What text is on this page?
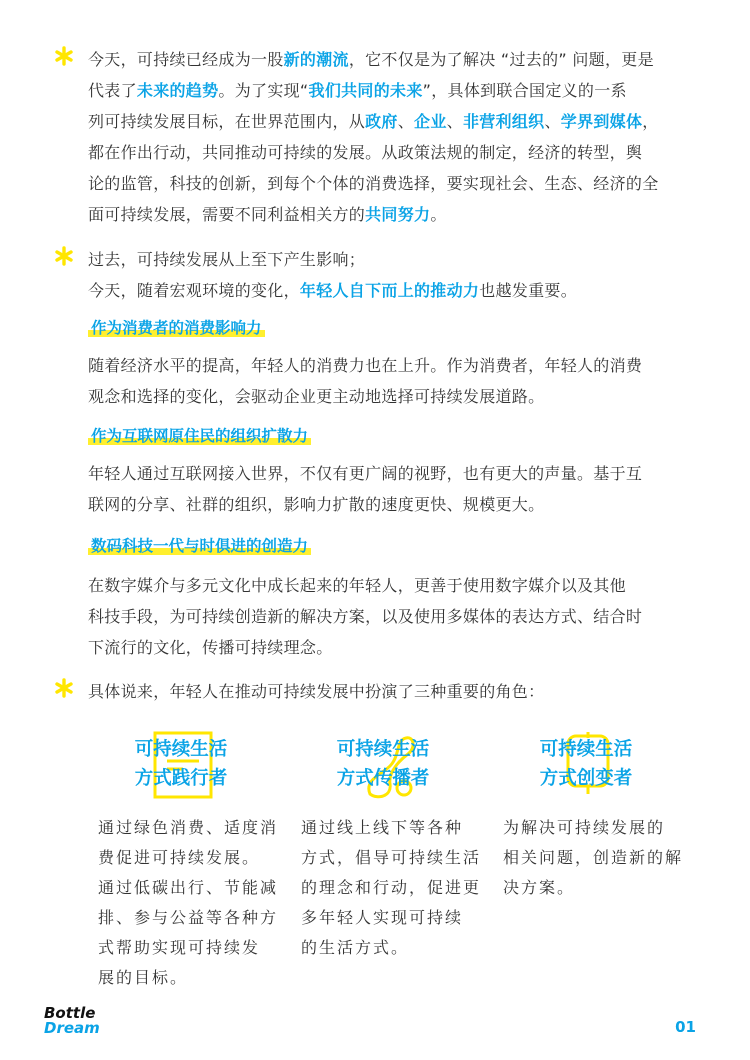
今天，可持续已经成为一股新的潮流，它不仅是为了解决 “过去的” 问题，更是
代表了未来的趋势。为了实现“我们共同的未来”，具体到联合国定义的一系
列可持续发展目标，在世界范围内，从政府、企业、非营利组织、学界到媒体，
都在作出行动，共同推动可持续的发展。从政策法规的制定，经济的转型，舆
论的监管，科技的创新，到每个个体的消费选择，要实现社会、生态、经济的全
面可持续发展，需要不同利益相关方的共同努力。
过去，可持续发展从上至下产生影响；
今天，随着宏观环境的变化，年轻人自下而上的推动力也越发重要。
作为消费者的消费影响力
随着经济水平的提高，年轻人的消费力也在上升。作为消费者，年轻人的消费
观念和选择的变化，会驱动企业更主动地选择可持续发展道路。
作为互联网原住民的组织扩散力
年轻人通过互联网接入世界，不仅有更广阔的视野，也有更大的声量。基于互
联网的分享、社群的组织，影响力扩散的速度更快、规模更大。
数码科技一代与时俱进的创造力
在数字媒介与多元文化中成长起来的年轻人，更善于使用数字媒介以及其他
科技手段，为可持续创造新的解决方案，以及使用多媒体的表达方式、结合时
下流行的文化，传播可持续理念。
具体说来，年轻人在推动可持续发展中扮演了三种重要的角色：
可持续生活
方式践行者
通过绿色消费、适度消
费促进可持续发展。
通过低碳出行、节能减
排、参与公益等各种方
式帮助实现可持续发
展的目标。
可持续生活
方式传播者
通过线上线下等各种
方式，倡导可持续生活
的理念和行动，促进更
多年轻人实现可持续
的生活方式。
可持续生活
方式创变者
为解决可持续发展的
相关问题，创造新的解
决方案。
Bottle
Dream	01
